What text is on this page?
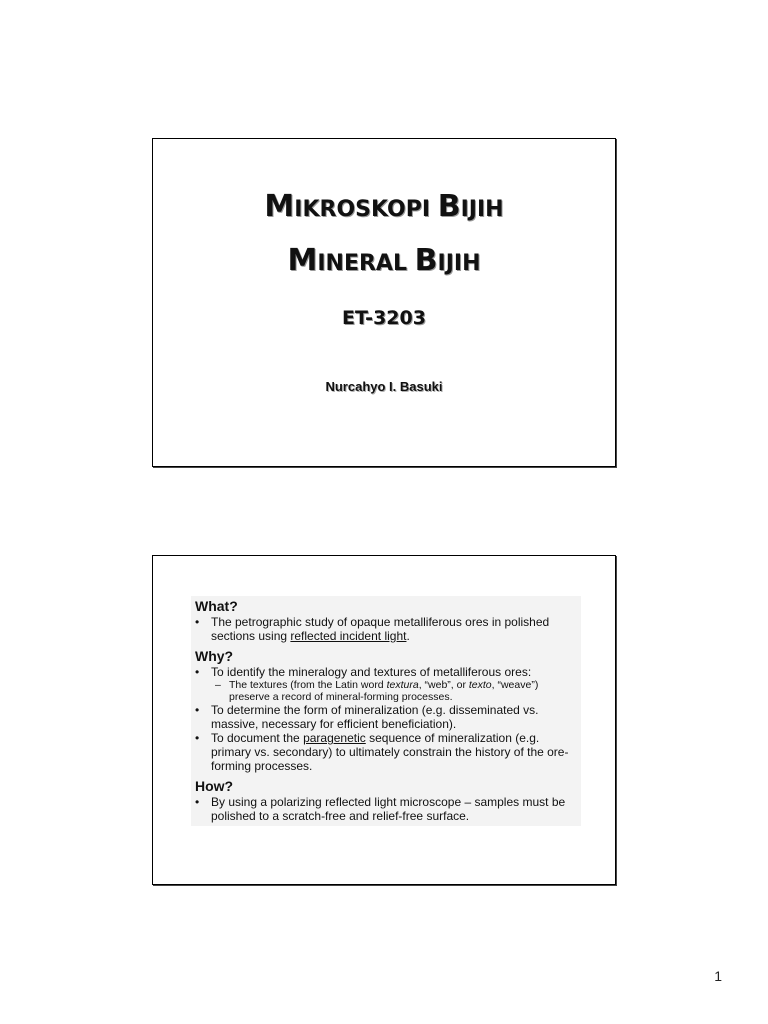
MIKROSKOPI BIJIH
MINERAL BIJIH
ET-3203
Nurcahyo I. Basuki
What?
• The petrographic study of opaque metalliferous ores in polished sections using reflected incident light.
Why?
• To identify the mineralogy and textures of metalliferous ores:
– The textures (from the Latin word textura, “web”, or texto, “weave”) preserve a record of mineral-forming processes.
• To determine the form of mineralization (e.g. disseminated vs. massive, necessary for efficient beneficiation).
• To document the paragenetic sequence of mineralization (e.g. primary vs. secondary) to ultimately constrain the history of the ore-forming processes.
How?
• By using a polarizing reflected light microscope – samples must be polished to a scratch-free and relief-free surface.
1
